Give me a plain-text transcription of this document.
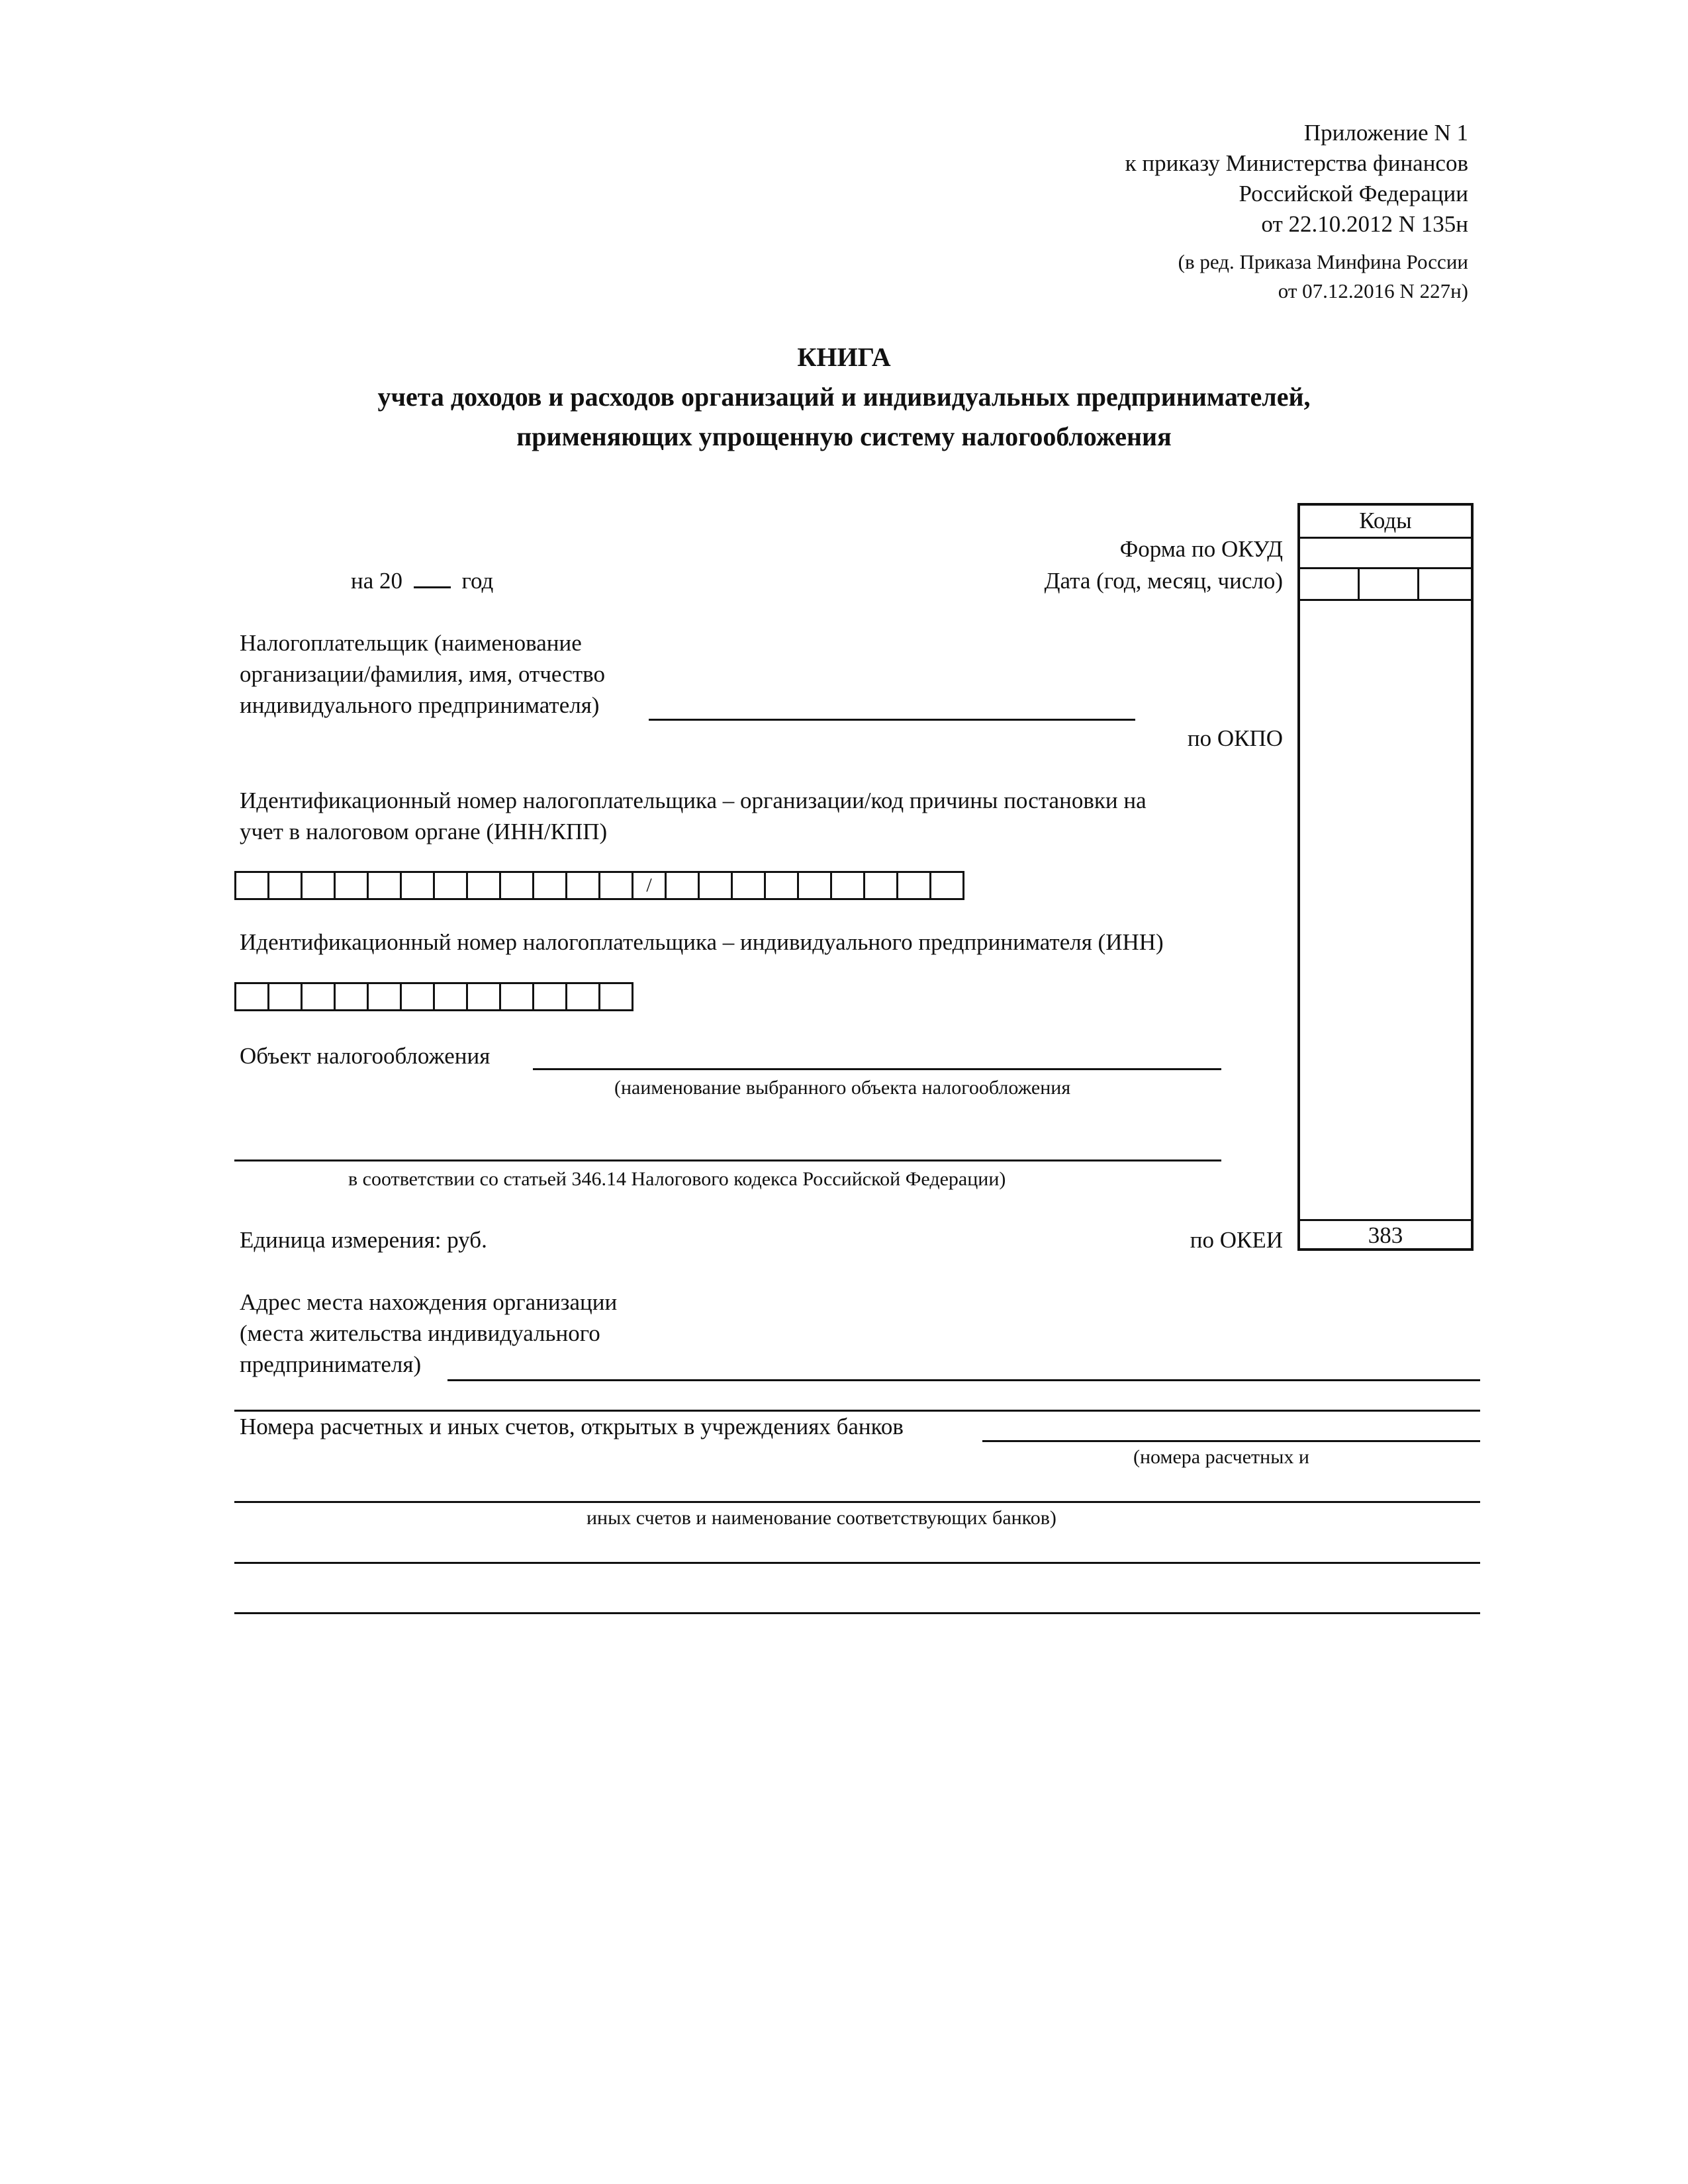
Приложение N 1
к приказу Министерства финансов
Российской Федерации
от 22.10.2012 N 135н
(в ред. Приказа Минфина России
от 07.12.2016 N 227н)
КНИГА
учета доходов и расходов организаций и индивидуальных предпринимателей,
применяющих упрощенную систему налогообложения
Коды
383
Форма по ОКУД
Дата (год, месяц, число)
на 20	год
Налогоплательщик (наименование
организации/фамилия, имя, отчество
индивидуального предпринимателя)
по ОКПО
Идентификационный номер налогоплательщика – организации/код причины постановки на
учет в налоговом органе (ИНН/КПП)
/
Идентификационный номер налогоплательщика – индивидуального предпринимателя (ИНН)
Объект налогообложения
(наименование выбранного объекта налогообложения
в соответствии со статьей 346.14 Налогового кодекса Российской Федерации)
Единица измерения: руб.	по ОКЕИ
Адрес места нахождения организации
(места жительства индивидуального
предпринимателя)
Номера расчетных и иных счетов, открытых в учреждениях банков
(номера расчетных и
иных счетов и наименование соответствующих банков)
